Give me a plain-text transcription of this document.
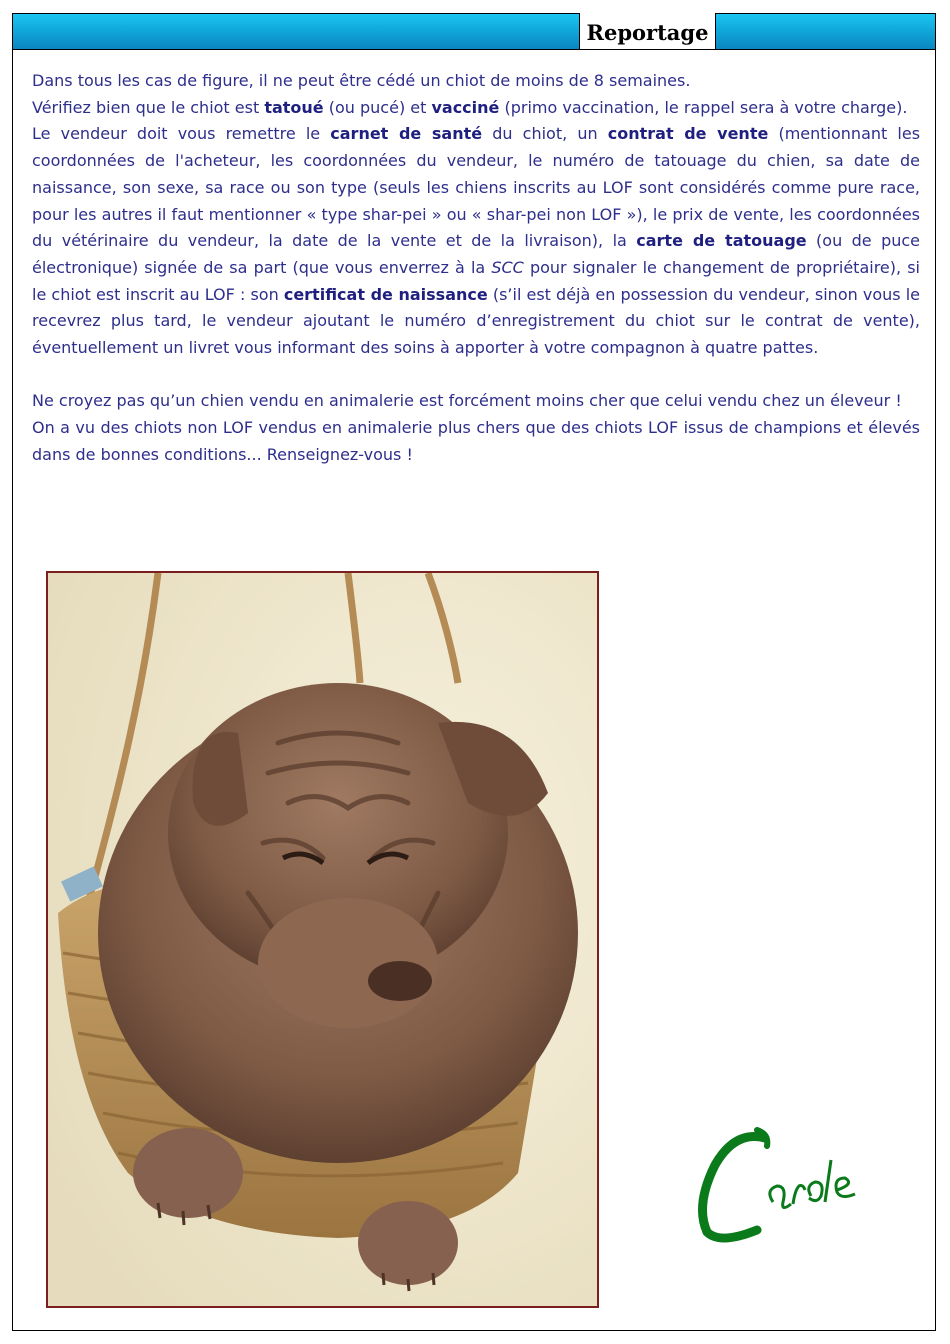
Reportage

Dans tous les cas de figure, il ne peut être cédé un chiot de moins de 8 semaines.

Vérifiez bien que le chiot est tatoué (ou pucé) et vacciné (primo vaccination, le rappel sera à votre charge).

Le vendeur doit vous remettre le carnet de santé du chiot, un contrat de vente (mentionnant les coordonnées de l'acheteur, les coordonnées du vendeur, le numéro de tatouage du chien, sa date de naissance, son sexe, sa race ou son type (seuls les chiens inscrits au LOF sont considérés comme pure race, pour les autres il faut mentionner « type shar-pei » ou « shar-pei non LOF »), le prix de vente, les coordonnées du vétérinaire du vendeur, la date de la vente et de la livraison), la carte de tatouage (ou de puce électronique) signée de sa part (que vous enverrez à la SCC pour signaler le changement de propriétaire), si le chiot est inscrit au LOF : son certificat de naissance (s’il est déjà en possession du vendeur, sinon vous le recevrez plus tard, le vendeur ajoutant le numéro d’enregistrement du chiot sur le contrat de vente), éventuellement un livret vous informant des soins à apporter à votre compagnon à quatre pattes.

Ne croyez pas qu’un chien vendu en animalerie est forcément moins cher que celui vendu chez un éleveur !

On a vu des chiots non LOF vendus en animalerie plus chers que des chiots LOF issus de champions et élevés dans de bonnes conditions... Renseignez-vous !
